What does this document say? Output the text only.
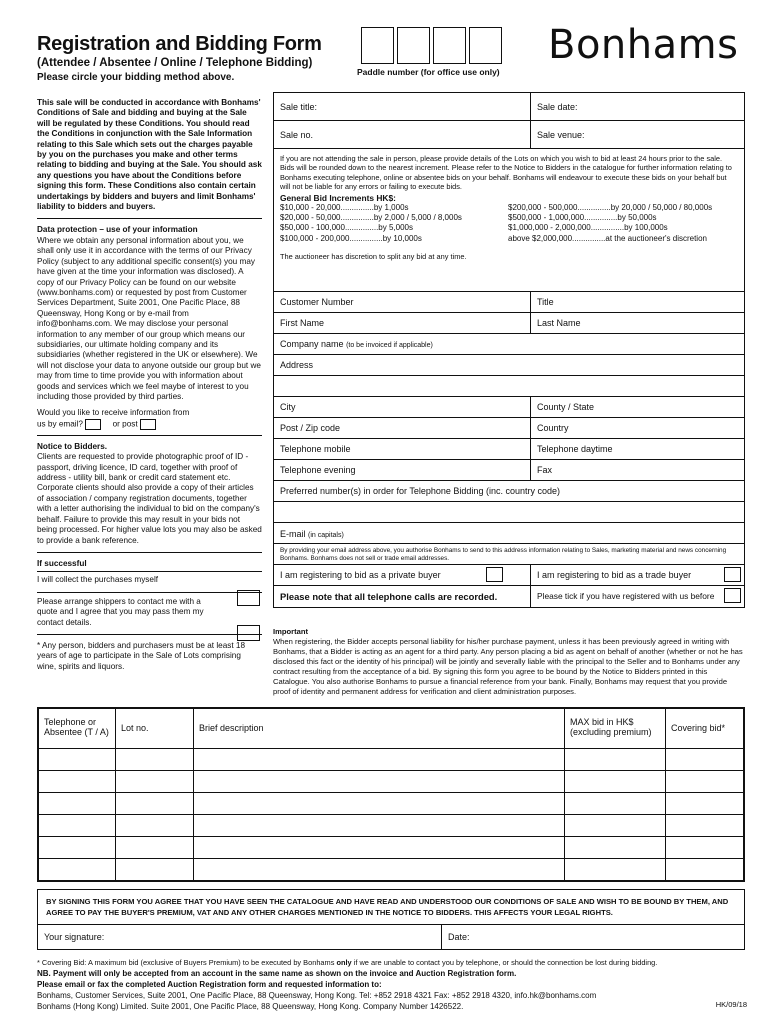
Registration and Bidding Form
(Attendee / Absentee / Online / Telephone Bidding)
Please circle your bidding method above.	Paddle number (for office use only)
Bonhams

This sale will be conducted in accordance with Bonhams' Conditions of Sale and bidding and buying at the Sale will be regulated by these Conditions. You should read the Conditions in conjunction with the Sale Information relating to this Sale which sets out the charges payable by you on the purchases you make and other terms relating to bidding and buying at the Sale. You should ask any questions you have about the Conditions before signing this form. These Conditions also contain certain undertakings by bidders and buyers and limit Bonhams' liability to bidders and buyers.

Data protection – use of your information

Where we obtain any personal information about you, we shall only use it in accordance with the terms of our Privacy Policy (subject to any additional specific consent(s) you may have given at the time your information was disclosed). A copy of our Privacy Policy can be found on our website (www.bonhams.com) or requested by post from Customer Services Department, Suite 2001, One Pacific Place, 88 Queensway, Hong Kong or by e-mail from info@bonhams.com. We may disclose your personal information to any member of our group which means our subsidiaries, our ultimate holding company and its subsidiaries (whether registered in the UK or elsewhere). We will not disclose your data to anyone outside our group but we may from time to time provide you with information about goods and services which we feel maybe of interest to you including those provided by third parties.

Would you like to receive information from
us by email?	or post
Notice to Bidders.

Clients are requested to provide photographic proof of ID - passport, driving licence, ID card, together with proof of address - utility bill, bank or credit card statement etc. Corporate clients should also provide a copy of their articles of association / company registration documents, together with a letter authorising the individual to bid on the company's behalf. Failure to provide this may result in your bids not being processed. For higher value lots you may also be asked to provide a bank reference.

If successful

I will collect the purchases myself

Please arrange shippers to contact me with a quote and I agree that you may pass them my contact details.

* Any person, bidders and purchasers must be at least 18 years of age to participate in the Sale of Lots comprising wine, spirits and liquors.

Sale title:	Sale date:
Sale no.	Sale venue:
If you are not attending the sale in person, please provide details of the Lots on which you wish to bid at least 24 hours prior to the sale. Bids will be rounded down to the nearest increment. Please refer to the Notice to Bidders in the catalogue for further information relating to Bonhams executing telephone, online or absentee bids on your behalf. Bonhams will endeavour to execute these bids on your behalf but will not be liable for any errors or failing to execute bids.
General Bid Increments HK$:
$10,000 - 20,000...............by 1,000s
$20,000 - 50,000...............by 2,000 / 5,000 / 8,000s
$50,000 - 100,000...............by 5,000s
$100,000 - 200,000...............by 10,000s
$200,000 - 500,000...............by 20,000 / 50,000 / 80,000s
$500,000 - 1,000,000...............by 50,000s
$1,000,000 - 2,000,000...............by 100,000s
above $2,000,000...............at the auctioneer's discretion
The auctioneer has discretion to split any bid at any time.
Customer Number	Title
First Name	Last Name
Company name (to be invoiced if applicable)
Address
City	County / State
Post / Zip code	Country
Telephone mobile	Telephone daytime
Telephone evening	Fax
Preferred number(s) in order for Telephone Bidding (inc. country code)
E-mail (in capitals)
By providing your email address above, you authorise Bonhams to send to this address information relating to Sales, marketing material and news concerning Bonhams. Bonhams does not sell or trade email addresses.
I am registering to bid as a private buyer	I am registering to bid as a trade buyer
Please note that all telephone calls are recorded.	Please tick if you have registered with us before
Important
When registering, the Bidder accepts personal liability for his/her purchase payment, unless it has been previously agreed in writing with Bonhams, that a Bidder is acting as an agent for a third party. Any person placing a bid as agent on behalf of another (whether or not he has disclosed this fact or the identity of his principal) will be jointly and severally liable with the principal to the Seller and to Bonhams under any contract resulting from the acceptance of a bid. By signing this form you agree to be bound by the Notice to Bidders printed in this Catalogue. You also authorise Bonhams to pursue a financial reference from your bank. Finally, Bonhams may request that you provide proof of identity and permanent address for verification and client administration purposes.
Telephone or Absentee (T / A)	Lot no.	Brief description	MAX bid in HK$ (excluding premium)	Covering bid*

BY SIGNING THIS FORM YOU AGREE THAT YOU HAVE SEEN THE CATALOGUE AND HAVE READ AND UNDERSTOOD OUR CONDITIONS OF SALE AND WISH TO BE BOUND BY THEM, AND AGREE TO PAY THE BUYER'S PREMIUM, VAT AND ANY OTHER CHARGES MENTIONED IN THE NOTICE TO BIDDERS. THIS AFFECTS YOUR LEGAL RIGHTS.
Your signature:	Date:
* Covering Bid: A maximum bid (exclusive of Buyers Premium) to be executed by Bonhams only if we are unable to contact you by telephone, or should the connection be lost during bidding.
NB. Payment will only be accepted from an account in the same name as shown on the invoice and Auction Registration form.
Please email or fax the completed Auction Registration form and requested information to:
Bonhams, Customer Services, Suite 2001, One Pacific Place, 88 Queensway, Hong Kong. Tel: +852 2918 4321 Fax: +852 2918 4320, info.hk@bonhams.com
Bonhams (Hong Kong) Limited. Suite 2001, One Pacific Place, 88 Queensway, Hong Kong. Company Number 1426522.	HK/09/18
